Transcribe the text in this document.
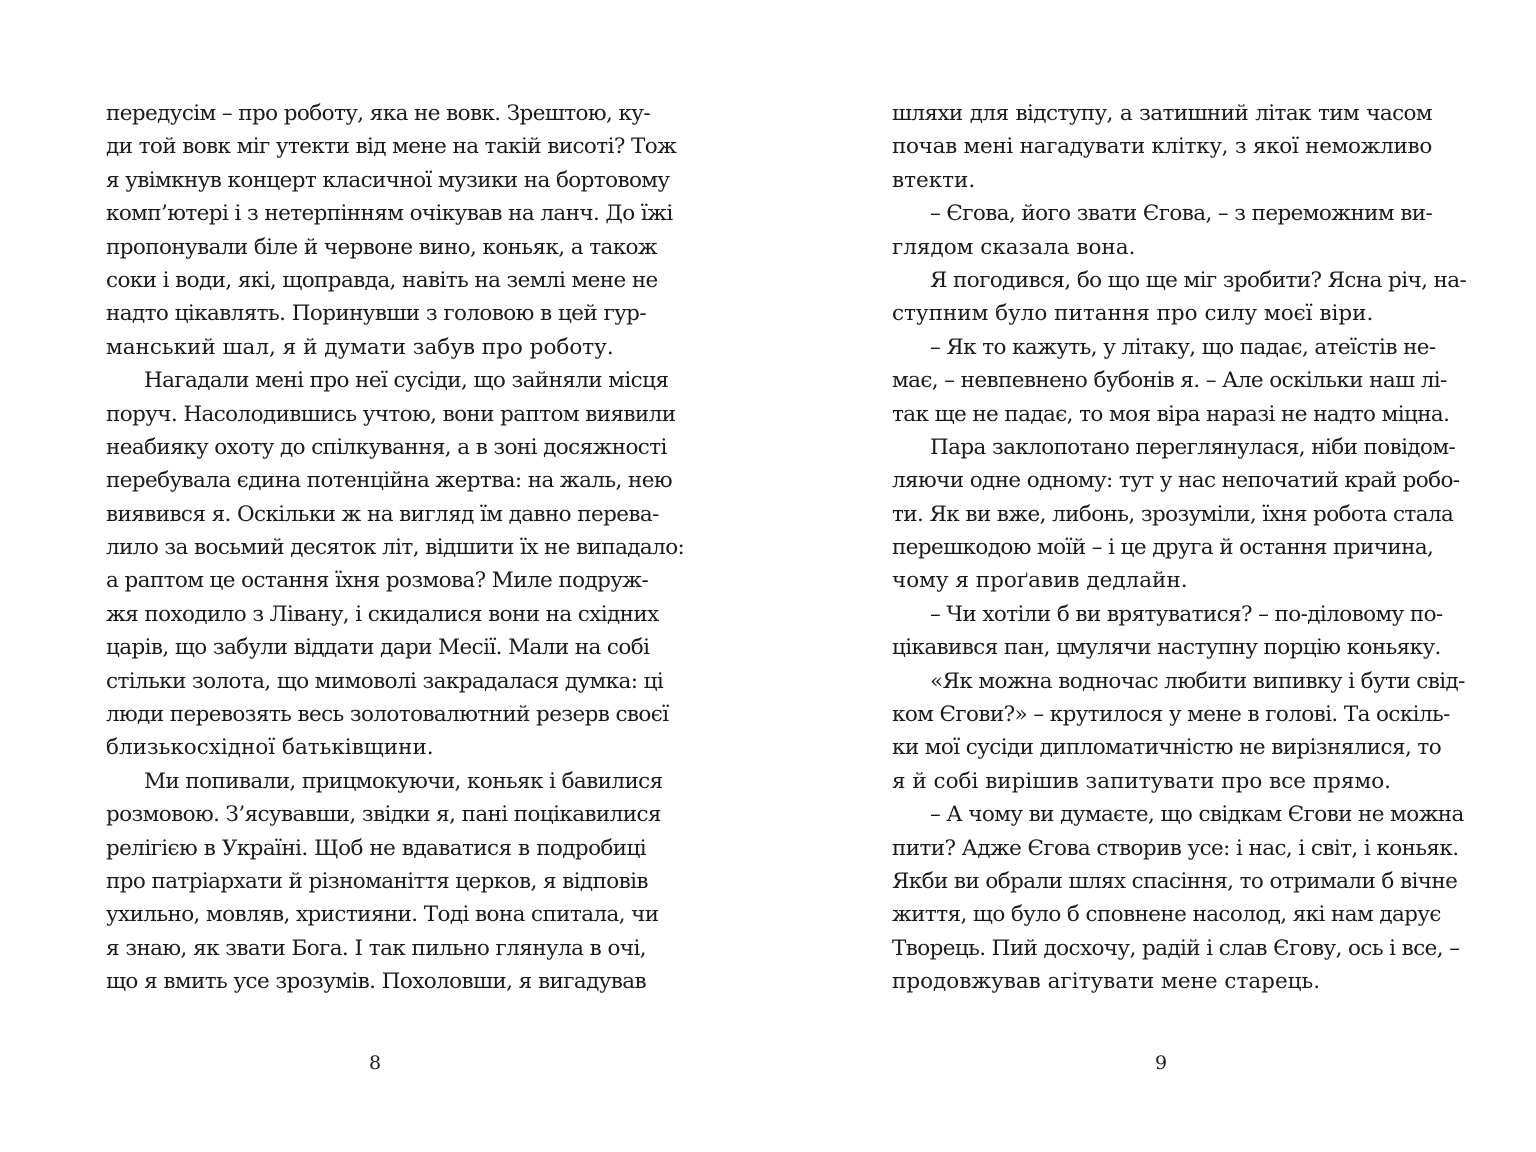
передусім – про роботу, яка не вовк. Зрештою, ку-
ди той вовк міг утекти від мене на такій висоті? Тож
я увімкнув концерт класичної музики на бортовому
комп’ютері і з нетерпінням очікував на ланч. До їжі
пропонували біле й червоне вино, коньяк, а також
соки і води, які, щоправда, навіть на землі мене не
надто цікавлять. Поринувши з головою в цей гур-
манський шал, я й думати забув про роботу.
Нагадали мені про неї сусіди, що зайняли місця
поруч. Насолодившись учтою, вони раптом виявили
неабияку охоту до спілкування, а в зоні досяжності
перебувала єдина потенційна жертва: на жаль, нею
виявився я. Оскільки ж на вигляд їм давно перева-
лило за восьмий десяток літ, відшити їх не випадало:
а раптом це остання їхня розмова? Миле подруж-
жя походило з Лівану, і скидалися вони на східних
царів, що забули віддати дари Месії. Мали на собі
стільки золота, що мимоволі закрадалася думка: ці
люди перевозять весь золотовалютний резерв своєї
близькосхідної батьківщини.
Ми попивали, прицмокуючи, коньяк і бавилися
розмовою. З’ясувавши, звідки я, пані поцікавилися
релігією в Україні. Щоб не вдаватися в подробиці
про патріархати й різноманіття церков, я відповів
ухильно, мовляв, християни. Тоді вона спитала, чи
я знаю, як звати Бога. І так пильно глянула в очі,
що я вмить усе зрозумів. Похоловши, я вигадував
шляхи для відступу, а затишний літак тим часом
почав мені нагадувати клітку, з якої неможливо
втекти.
– Єгова, його звати Єгова, – з переможним ви-
глядом сказала вона.
Я погодився, бо що ще міг зробити? Ясна річ, на-
ступним було питання про силу моєї віри.
– Як то кажуть, у літаку, що падає, атеїстів не-
має, – невпевнено бубонів я. – Але оскільки наш лі-
так ще не падає, то моя віра наразі не надто міцна.
Пара заклопотано переглянулася, ніби повідом-
ляючи одне одному: тут у нас непочатий край робо-
ти. Як ви вже, либонь, зрозуміли, їхня робота стала
перешкодою моїй – і це друга й остання причина,
чому я проґавив дедлайн.
– Чи хотіли б ви врятуватися? – по-діловому по-
цікавився пан, цмулячи наступну порцію коньяку.
«Як можна водночас любити випивку і бути свід-
ком Єгови?» – крутилося у мене в голові. Та оскіль-
ки мої сусіди дипломатичністю не вирізнялися, то
я й собі вирішив запитувати про все прямо.
– А чому ви думаєте, що свідкам Єгови не можна
пити? Адже Єгова створив усе: і нас, і світ, і коньяк.
Якби ви обрали шлях спасіння, то отримали б вічне
життя, що було б сповнене насолод, які нам дарує
Творець. Пий досхочу, радій і слав Єгову, ось і все, –
продовжував агітувати мене старець.
8	9
